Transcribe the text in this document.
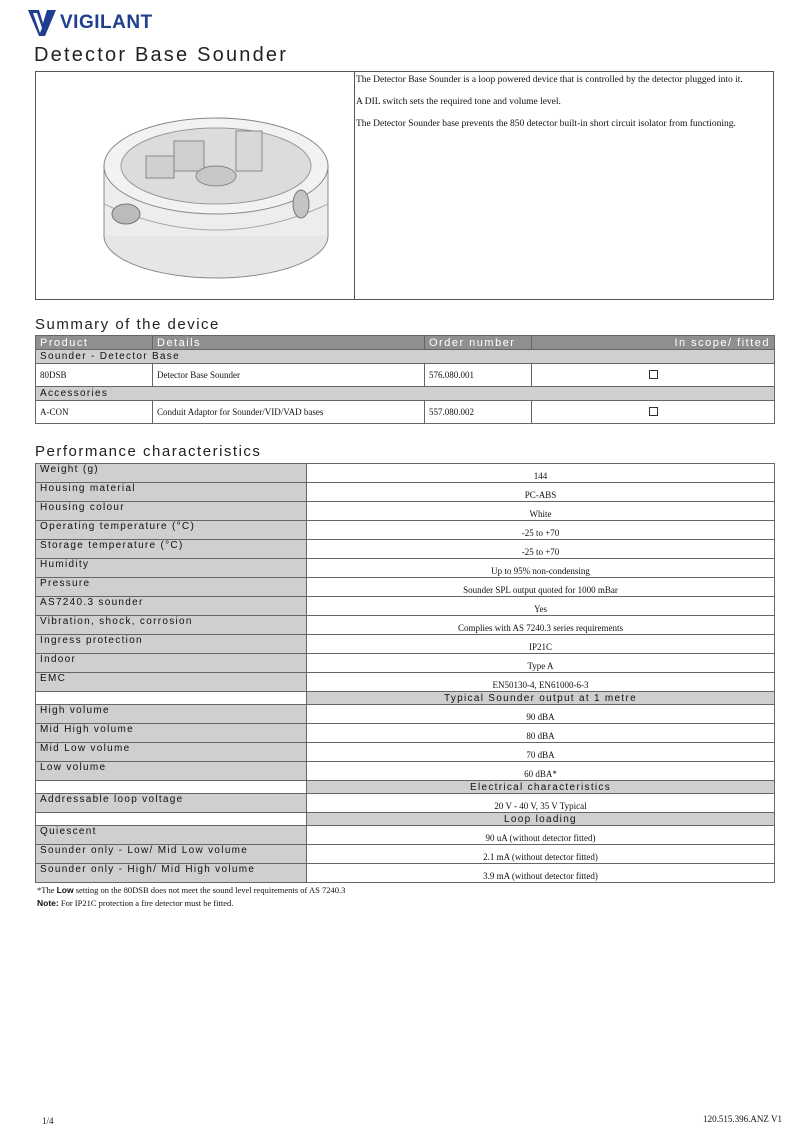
VIGILANT
Detector Base Sounder

The Detector Base Sounder is a loop powered device that is controlled by the detector plugged into it.

A DIL switch sets the required tone and volume level.

The Detector Sounder base prevents the 850 detector built-in short circuit isolator from functioning.

Summary of the device
Product	Details	Order number	In scope/ fitted
Sounder - Detector Base			
80DSB	Detector Base Sounder	576.080.001	
Accessories			
A-CON	Conduit Adaptor for Sounder/VID/VAD bases	557.080.002	
Performance characteristics
Weight (g)	144
Housing material	PC-ABS
Housing colour	White
Operating temperature (°C)	-25 to +70
Storage temperature (°C)	-25 to +70
Humidity	Up to 95% non-condensing
Pressure	Sounder SPL output quoted for 1000 mBar
AS7240.3 sounder	Yes
Vibration, shock, corrosion	Complies with AS 7240.3 series requirements
Ingress protection	IP21C
Indoor	Type A
EMC	EN50130-4, EN61000-6-3
	Typical Sounder output at 1 metre
High volume	90 dBA
Mid High volume	80 dBA
Mid Low volume	70 dBA
Low volume	60 dBA*
	Electrical characteristics
Addressable loop voltage	20 V - 40 V, 35 V Typical
	Loop loading
Quiescent	90 uA (without detector fitted)
Sounder only - Low/ Mid Low volume	2.1 mA (without detector fitted)
Sounder only - High/ Mid High volume	3.9 mA (without detector fitted)
*The Low setting on the 80DSB does not meet the sound level requirements of AS 7240.3
Note: For IP21C protection a fire detector must be fitted.
1/4	120.515.396.ANZ V1
